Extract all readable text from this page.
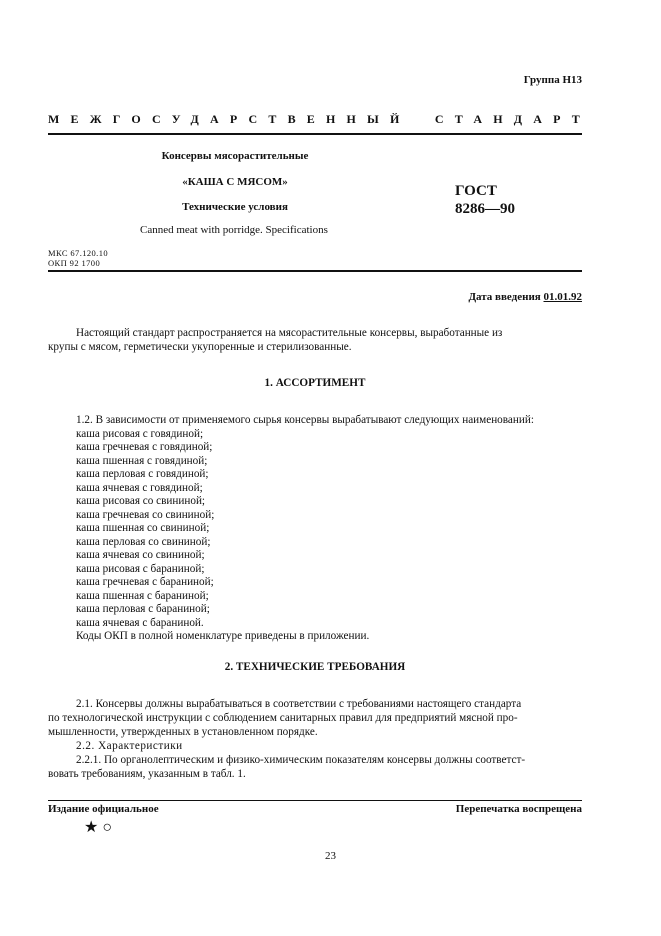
Группа Н13
МЕЖГОСУДАРСТВЕННЫЙ СТАНДАРТ
Консервы мясорастительные
«КАША С МЯСОМ»
Технические условия
ГОСТ
8286—90
Canned meat with porridge. Specifications
МКС 67.120.10
ОКП 92 1700
Дата введения 01.01.92
Настоящий стандарт распространяется на мясорастительные консервы, выработанные из
крупы с мясом, герметически укупоренные и стерилизованные.
1. АССОРТИМЕНТ
1.2. В зависимости от применяемого сырья консервы вырабатывают следующих наименований:
каша рисовая с говядиной;
каша гречневая с говядиной;
каша пшенная с говядиной;
каша перловая с говядиной;
каша ячневая с говядиной;
каша рисовая со свининой;
каша гречневая со свининой;
каша пшенная со свининой;
каша перловая со свининой;
каша ячневая со свининой;
каша рисовая с бараниной;
каша гречневая с бараниной;
каша пшенная с бараниной;
каша перловая с бараниной;
каша ячневая с бараниной.
Коды ОКП в полной номенклатуре приведены в приложении.
2. ТЕХНИЧЕСКИЕ ТРЕБОВАНИЯ
2.1. Консервы должны вырабатываться в соответствии с требованиями настоящего стандарта
по технологической инструкции с соблюдением санитарных правил для предприятий мясной про-
мышленности, утвержденных в установленном порядке.
2.2. Характеристики
2.2.1. По органолептическим и физико-химическим показателям консервы должны соответст-
вовать требованиям, указанным в табл. 1.
Издание официальное	Перепечатка воспрещена
★ ○
23
